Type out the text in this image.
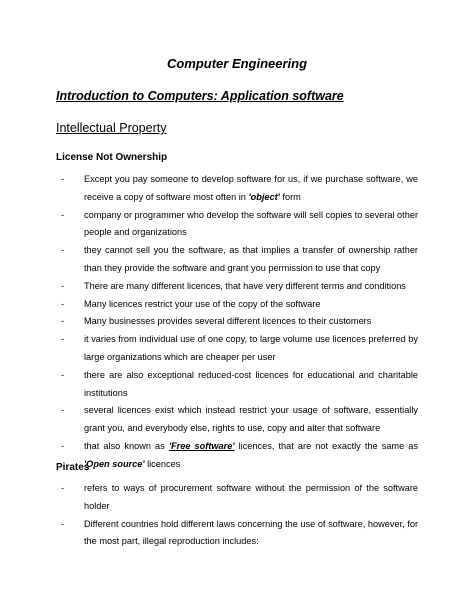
Computer Engineering
Introduction to Computers: Application software
Intellectual Property
License Not Ownership
- Except you pay someone to develop software for us, if we purchase software, we receive a copy of software most often in 'object' form
- company or programmer who develop the software will sell copies to several other people and organizations
- they cannot sell you the software, as that implies a transfer of ownership rather than they provide the software and grant you permission to use that copy
- There are many different licences, that have very different terms and conditions
- Many licences restrict your use of the copy of the software
- Many businesses provides several different licences to their customers
- it varies from individual use of one copy, to large volume use licences preferred by large organizations which are cheaper per user
- there are also exceptional reduced-cost licences for educational and charitable institutions
- several licences exist which instead restrict your usage of software, essentially grant you, and everybody else, rights to use, copy and alter that software
- that also known as 'Free software' licences, that are not exactly the same as 'Open source' licences
Pirates
- refers to ways of procurement software without the permission of the software holder
- Different countries hold different laws concerning the use of software, however, for the most part, illegal reproduction includes:
